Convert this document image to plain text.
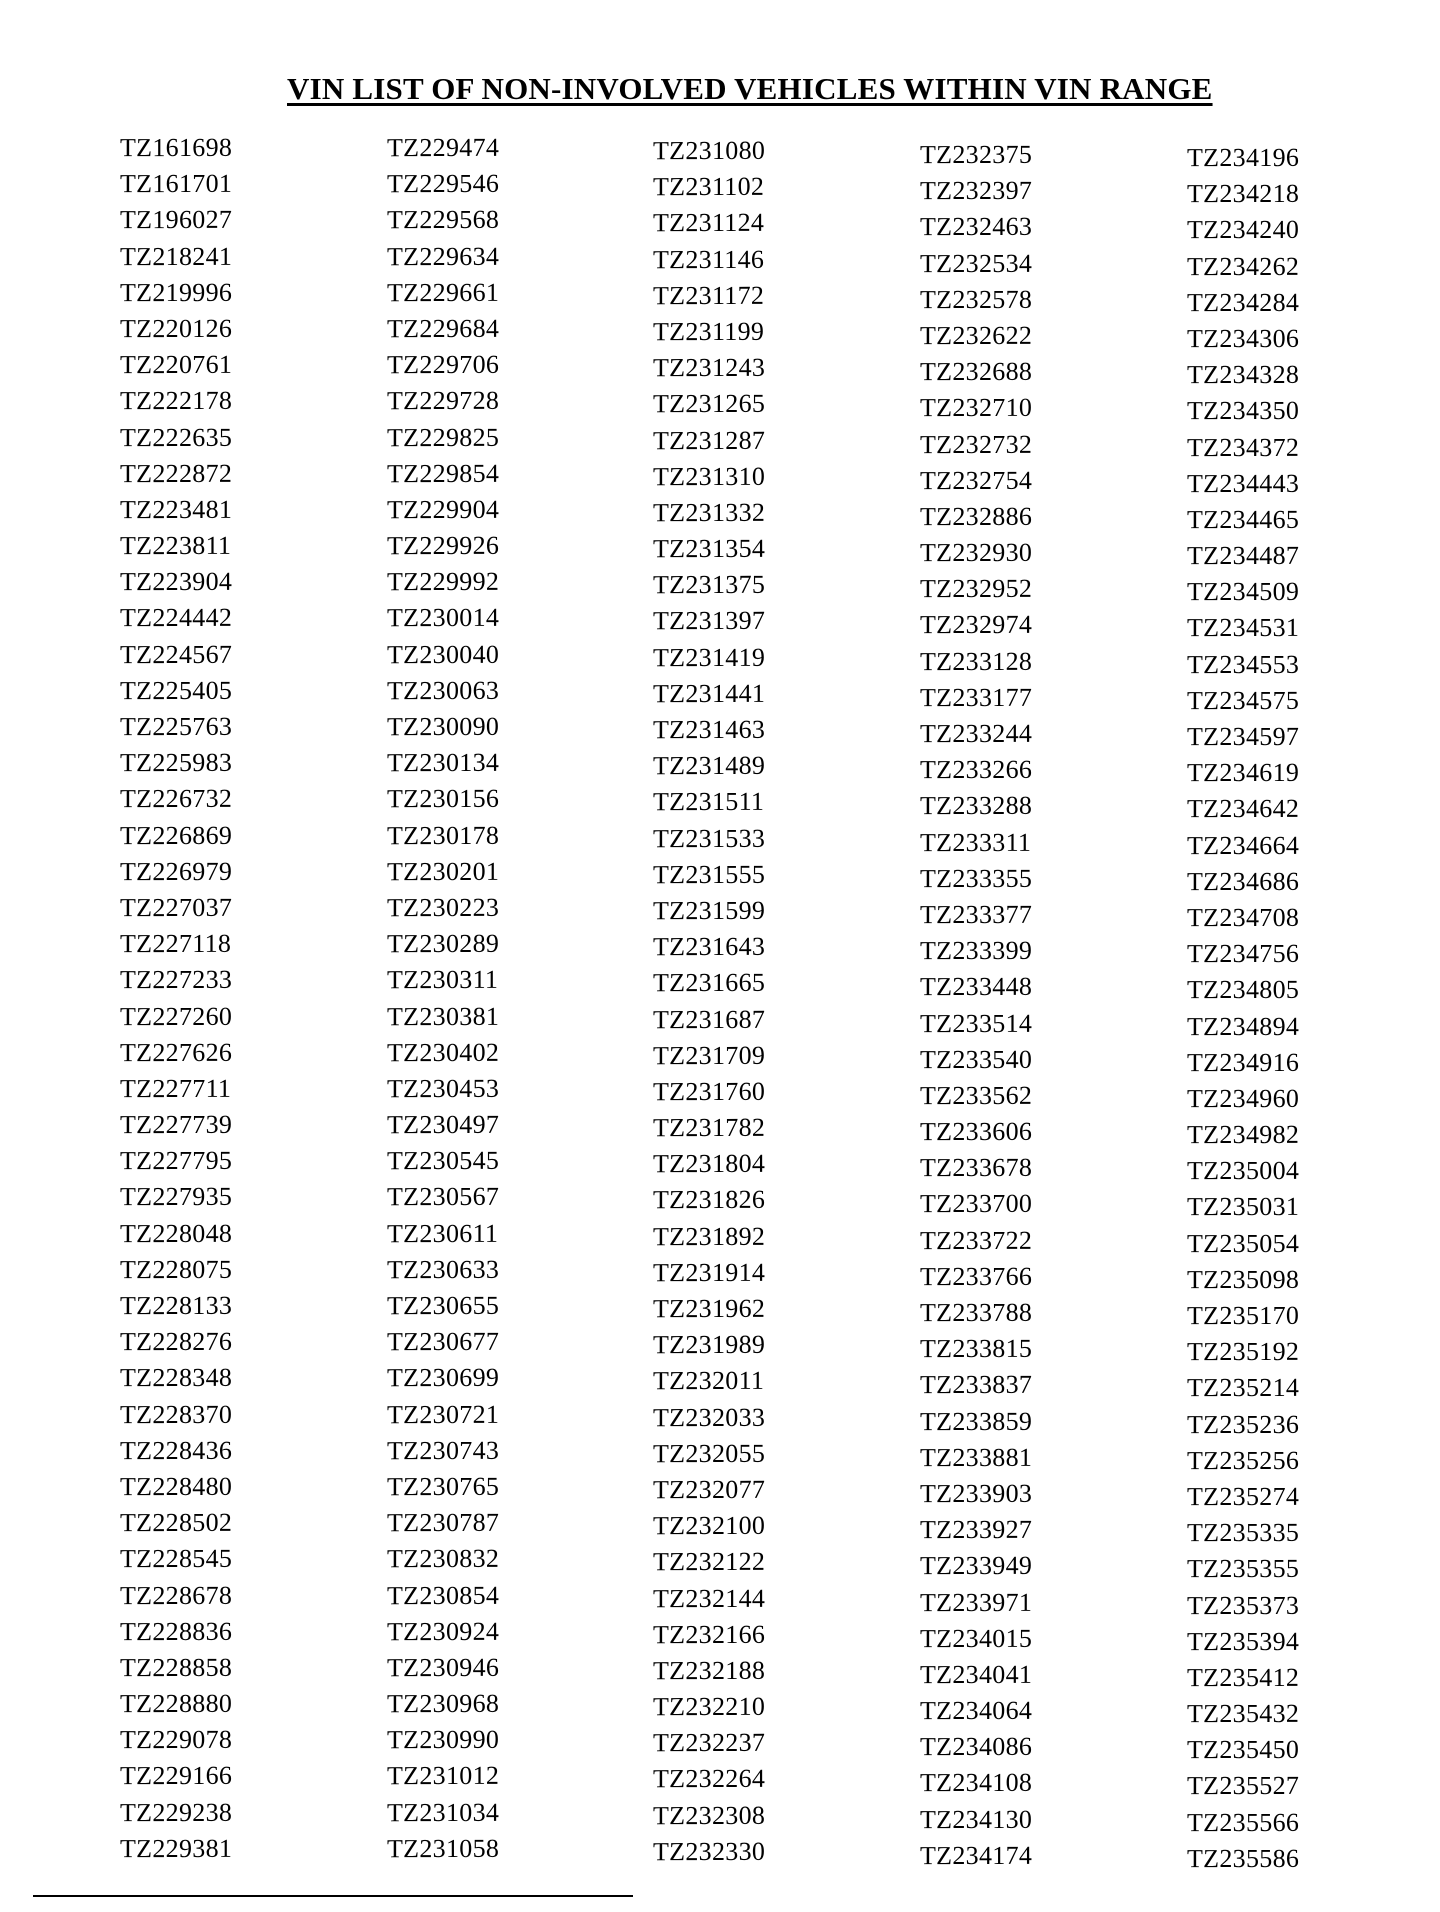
VIN LIST OF NON-INVOLVED VEHICLES WITHIN VIN RANGE
TZ161698
TZ161701
TZ196027
TZ218241
TZ219996
TZ220126
TZ220761
TZ222178
TZ222635
TZ222872
TZ223481
TZ223811
TZ223904
TZ224442
TZ224567
TZ225405
TZ225763
TZ225983
TZ226732
TZ226869
TZ226979
TZ227037
TZ227118
TZ227233
TZ227260
TZ227626
TZ227711
TZ227739
TZ227795
TZ227935
TZ228048
TZ228075
TZ228133
TZ228276
TZ228348
TZ228370
TZ228436
TZ228480
TZ228502
TZ228545
TZ228678
TZ228836
TZ228858
TZ228880
TZ229078
TZ229166
TZ229238
TZ229381
TZ229474
TZ229546
TZ229568
TZ229634
TZ229661
TZ229684
TZ229706
TZ229728
TZ229825
TZ229854
TZ229904
TZ229926
TZ229992
TZ230014
TZ230040
TZ230063
TZ230090
TZ230134
TZ230156
TZ230178
TZ230201
TZ230223
TZ230289
TZ230311
TZ230381
TZ230402
TZ230453
TZ230497
TZ230545
TZ230567
TZ230611
TZ230633
TZ230655
TZ230677
TZ230699
TZ230721
TZ230743
TZ230765
TZ230787
TZ230832
TZ230854
TZ230924
TZ230946
TZ230968
TZ230990
TZ231012
TZ231034
TZ231058
TZ231080
TZ231102
TZ231124
TZ231146
TZ231172
TZ231199
TZ231243
TZ231265
TZ231287
TZ231310
TZ231332
TZ231354
TZ231375
TZ231397
TZ231419
TZ231441
TZ231463
TZ231489
TZ231511
TZ231533
TZ231555
TZ231599
TZ231643
TZ231665
TZ231687
TZ231709
TZ231760
TZ231782
TZ231804
TZ231826
TZ231892
TZ231914
TZ231962
TZ231989
TZ232011
TZ232033
TZ232055
TZ232077
TZ232100
TZ232122
TZ232144
TZ232166
TZ232188
TZ232210
TZ232237
TZ232264
TZ232308
TZ232330
TZ232375
TZ232397
TZ232463
TZ232534
TZ232578
TZ232622
TZ232688
TZ232710
TZ232732
TZ232754
TZ232886
TZ232930
TZ232952
TZ232974
TZ233128
TZ233177
TZ233244
TZ233266
TZ233288
TZ233311
TZ233355
TZ233377
TZ233399
TZ233448
TZ233514
TZ233540
TZ233562
TZ233606
TZ233678
TZ233700
TZ233722
TZ233766
TZ233788
TZ233815
TZ233837
TZ233859
TZ233881
TZ233903
TZ233927
TZ233949
TZ233971
TZ234015
TZ234041
TZ234064
TZ234086
TZ234108
TZ234130
TZ234174
TZ234196
TZ234218
TZ234240
TZ234262
TZ234284
TZ234306
TZ234328
TZ234350
TZ234372
TZ234443
TZ234465
TZ234487
TZ234509
TZ234531
TZ234553
TZ234575
TZ234597
TZ234619
TZ234642
TZ234664
TZ234686
TZ234708
TZ234756
TZ234805
TZ234894
TZ234916
TZ234960
TZ234982
TZ235004
TZ235031
TZ235054
TZ235098
TZ235170
TZ235192
TZ235214
TZ235236
TZ235256
TZ235274
TZ235335
TZ235355
TZ235373
TZ235394
TZ235412
TZ235432
TZ235450
TZ235527
TZ235566
TZ235586
